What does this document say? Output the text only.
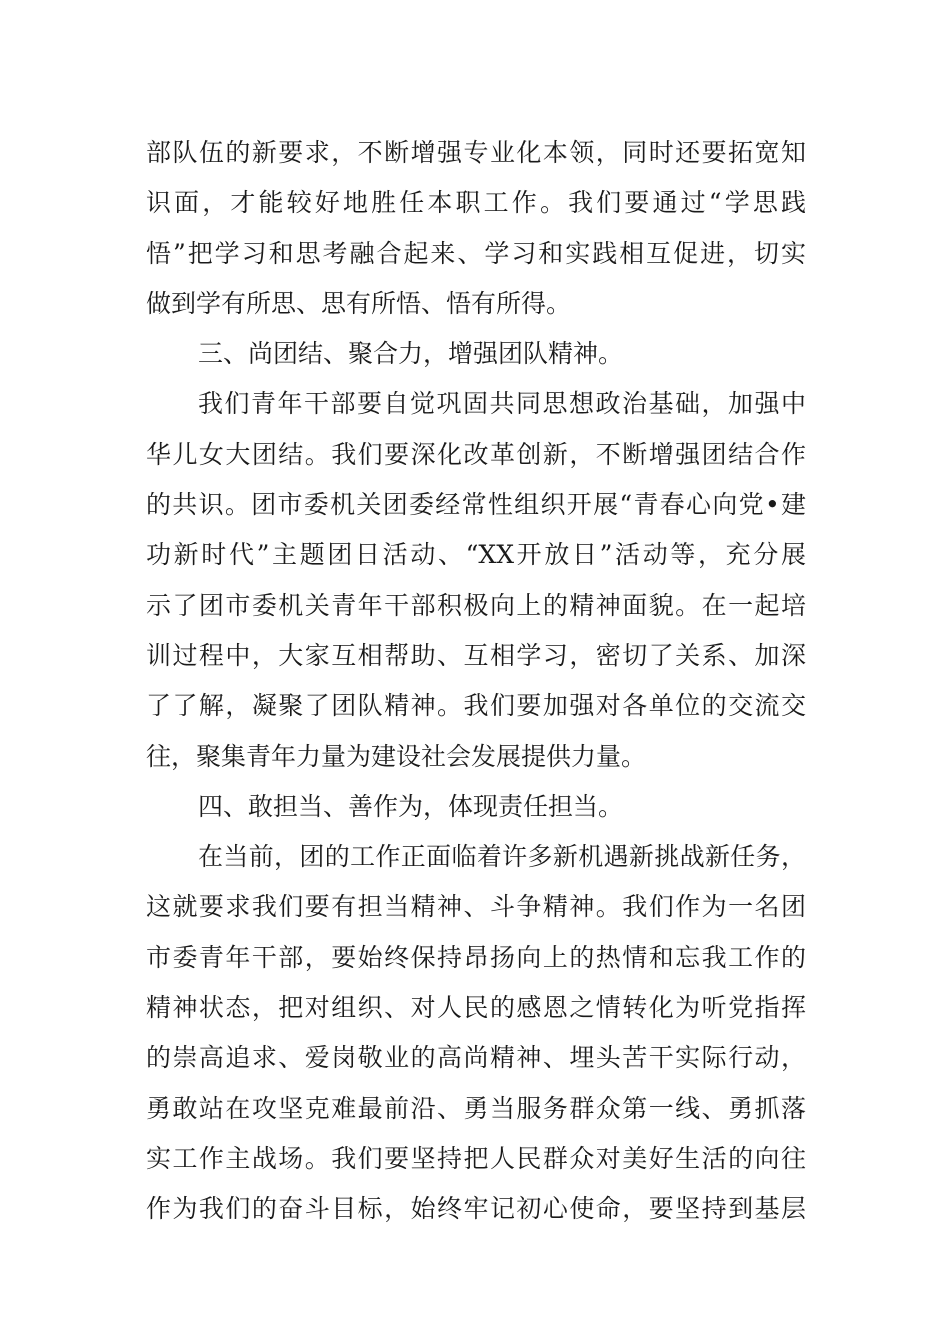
部队伍的新要求，不断增强专业化本领，同时还要拓宽知
识面，才能较好地胜任本职工作。我们要通过“学思践
悟”把学习和思考融合起来、学习和实践相互促进，切实
做到学有所思、思有所悟、悟有所得。
三、尚团结、聚合力，增强团队精神。
我们青年干部要自觉巩固共同思想政治基础，加强中
华儿女大团结。我们要深化改革创新，不断增强团结合作
的共识。团市委机关团委经常性组织开展“青春心向党•建
功新时代”主题团日活动、“XX开放日”活动等，充分展
示了团市委机关青年干部积极向上的精神面貌。在一起培
训过程中，大家互相帮助、互相学习，密切了关系、加深
了了解，凝聚了团队精神。我们要加强对各单位的交流交
往，聚集青年力量为建设社会发展提供力量。
四、敢担当、善作为，体现责任担当。
在当前，团的工作正面临着许多新机遇新挑战新任务，
这就要求我们要有担当精神、斗争精神。我们作为一名团
市委青年干部，要始终保持昂扬向上的热情和忘我工作的
精神状态，把对组织、对人民的感恩之情转化为听党指挥
的崇高追求、爱岗敬业的高尚精神、埋头苦干实际行动，
勇敢站在攻坚克难最前沿、勇当服务群众第一线、勇抓落
实工作主战场。我们要坚持把人民群众对美好生活的向往
作为我们的奋斗目标，始终牢记初心使命，要坚持到基层
